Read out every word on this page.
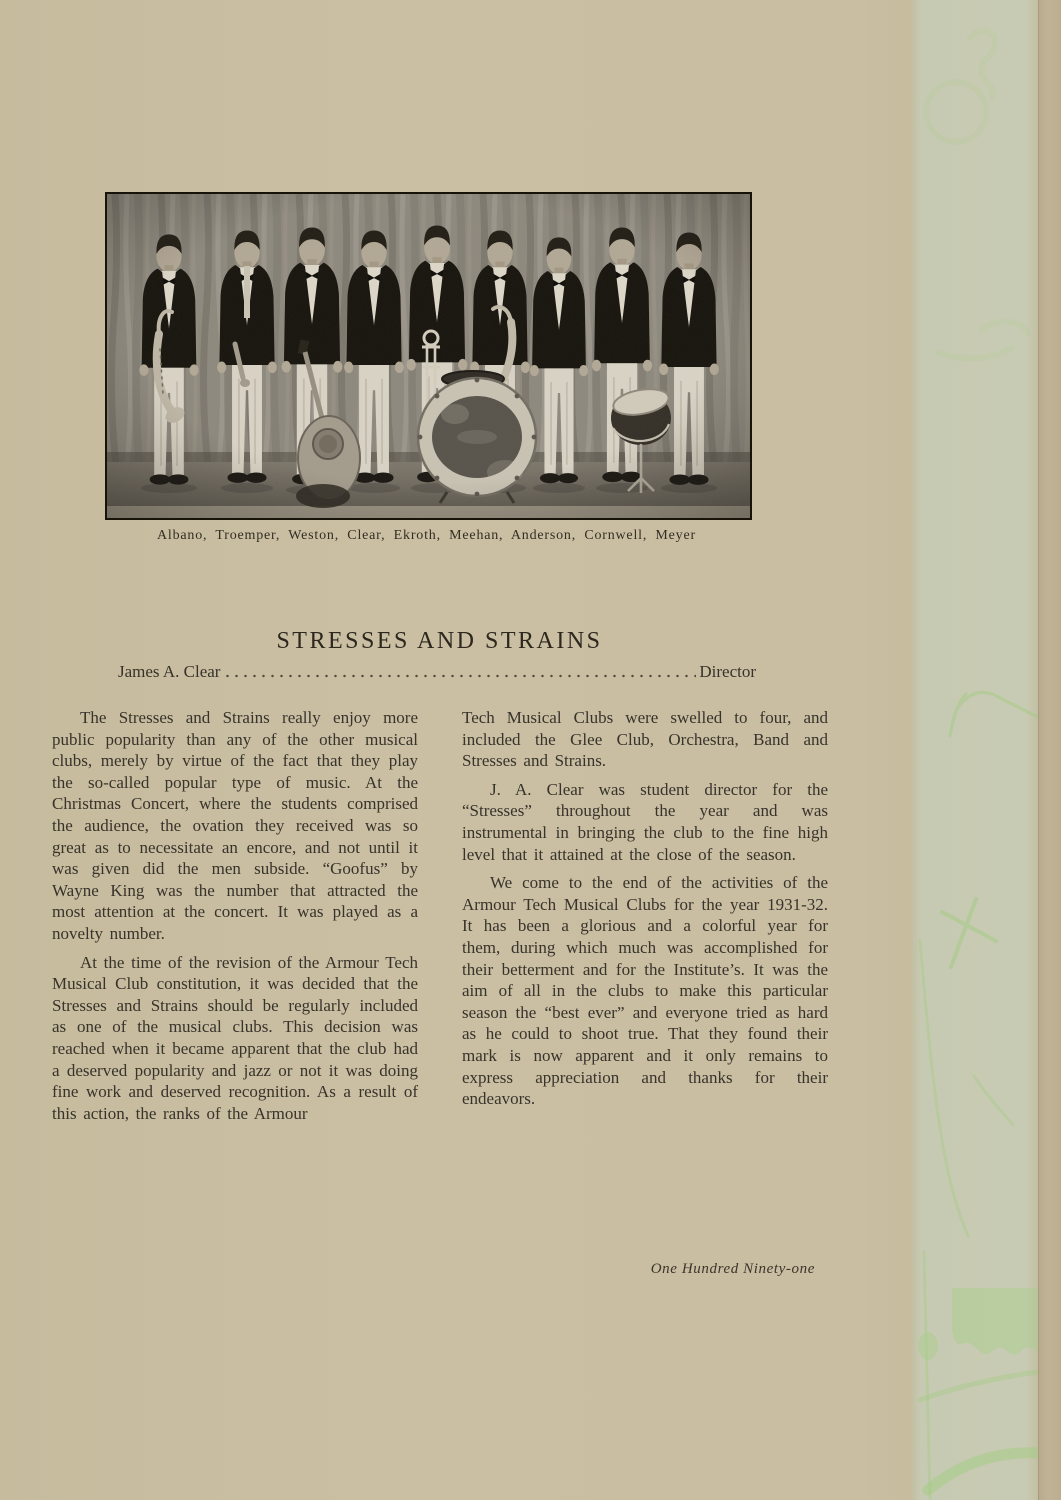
Albano, Troemper, Weston, Clear, Ekroth, Meehan, Anderson, Cornwell, Meyer
STRESSES AND STRAINS
James A. Clear	Director

The Stresses and Strains really enjoy more public popularity than any of the other musical clubs, merely by virtue of the fact that they play the so-called popular type of music. At the Christmas Concert, where the students comprised the audience, the ovation they received was so great as to necessitate an encore, and not until it was given did the men subside. “Goofus” by Wayne King was the number that attracted the most attention at the concert. It was played as a novelty number.

At the time of the revision of the Armour Tech Musical Club constitution, it was decided that the Stresses and Strains should be regularly included as one of the musical clubs. This decision was reached when it became apparent that the club had a deserved popularity and jazz or not it was doing fine work and deserved recognition. As a result of this action, the ranks of the Armour

Tech Musical Clubs were swelled to four, and included the Glee Club, Orchestra, Band and Stresses and Strains.

J. A. Clear was student director for the “Stresses” throughout the year and was instrumental in bringing the club to the fine high level that it attained at the close of the season.

We come to the end of the activities of the Armour Tech Musical Clubs for the year 1931-32. It has been a glorious and a colorful year for them, during which much was accomplished for their betterment and for the Institute’s. It was the aim of all in the clubs to make this particular season the “best ever” and everyone tried as hard as he could to shoot true. That they found their mark is now apparent and it only remains to express appreciation and thanks for their endeavors.

One Hundred Ninety-one
